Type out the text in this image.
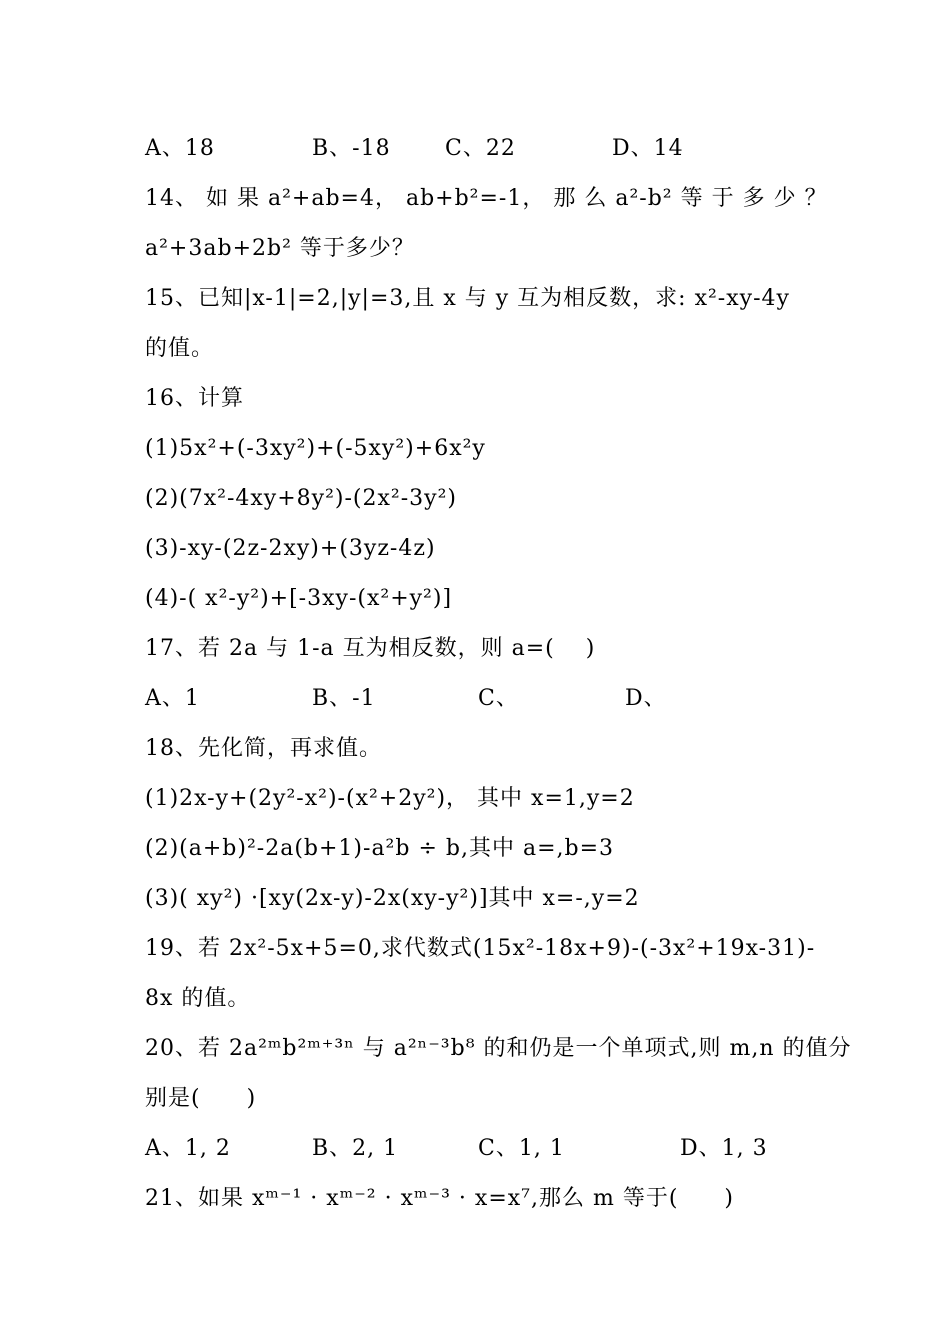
A、18	B、-18 C、22	D、14
14、 如 果 a²+ab=4， ab+b²=-1， 那 么 a²-b² 等 于 多 少 ？
a²+3ab+2b² 等于多少？
15、已知|x-1|=2,|y|=3,且 x 与 y 互为相反数，求: x²-xy-4y
的值。
16、计算
(1)5x²+(-3xy²)+(-5xy²)+6x²y
(2)(7x²-4xy+8y²)-(2x²-3y²)
(3)-xy-(2z-2xy)+(3yz-4z)
(4)-( x²-y²)+[-3xy-(x²+y²)]
17、若 2a 与 1-a 互为相反数，则 a=(　 )
A、1	B、-1	C、	D、
18、先化简，再求值。
(1)2x-y+(2y²-x²)-(x²+2y²)， 其中 x=1,y=2
(2)(a+b)²-2a(b+1)-a²b ÷ b,其中 a=,b=3
(3)( xy²) ·[xy(2x-y)-2x(xy-y²)]其中 x=-,y=2
19、若 2x²-5x+5=0,求代数式(15x²-18x+9)-(-3x²+19x-31)-
8x 的值。
20、若 2a²ᵐb²ᵐ⁺³ⁿ 与 a²ⁿ⁻³b⁸ 的和仍是一个单项式,则 m,n 的值分
别是(　　)
A、1, 2	B、2, 1	C、1, 1	D、1, 3
21、如果 xᵐ⁻¹ · xᵐ⁻² · xᵐ⁻³ · x=x⁷,那么 m 等于(　　)
